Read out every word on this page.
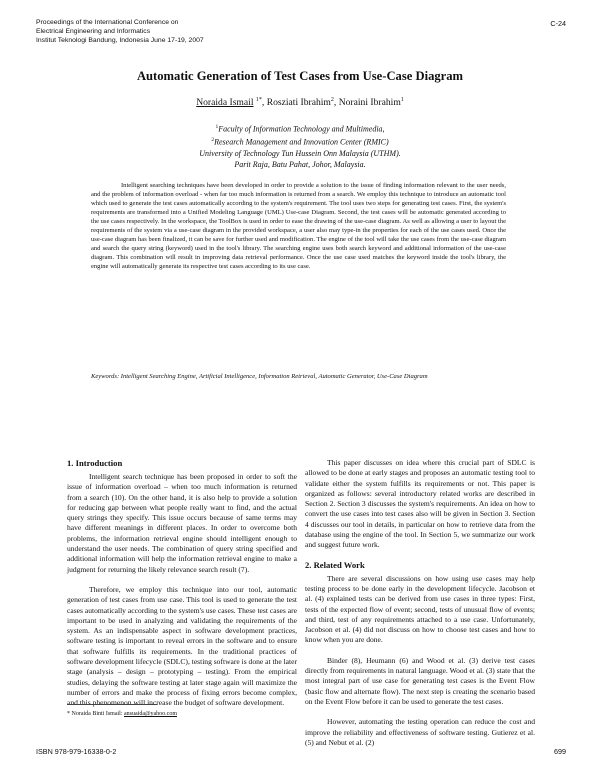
Proceedings of the International Conference on
Electrical Engineering and Informatics
Institut Teknologi Bandung, Indonesia June 17-19, 2007
C-24
Automatic Generation of Test Cases from Use-Case Diagram
Noraida Ismail $^{1*}$, Rosziati Ibrahim$^2$, Noraini Ibrahim$^1$
$^1$Faculty of Information Technology and Multimedia,
$^2$Research Management and Innovation Center (RMIC)
University of Technology Tun Hussein Onn Malaysia (UTHM).
Parit Raja, Batu Pahat, Johor, Malaysia.

Intelligent searching techniques have been developed in order to provide a solution to the issue of finding information relevant to the user needs, and the problem of information overload - when far too much information is returned from a search. We employ this technique to introduce an automatic tool which used to generate the test cases automatically according to the system's requirement. The tool uses two steps for generating test cases. First, the system's requirements are transformed into a Unified Modeling Language (UML) Use-case Diagram. Second, the test cases will be automatic generated according to the use cases respectively. In the workspace, the ToolBox is used in order to ease the drawing of the use-case diagram. As well as allowing a user to layout the requirements of the system via a use-case diagram in the provided workspace, a user also may type-in the properties for each of the use cases used. Once the use-case diagram has been finalized, it can be save for further used and modification. The engine of the tool will take the use cases from the use-case diagram and search the query string (keyword) used in the tool's library. The searching engine uses both search keyword and additional information of the use-case diagram. This combination will result in improving data retrieval performance. Once the use case used matches the keyword inside the tool's library, the engine will automatically generate its respective test cases according to its use case.

Keywords: Intelligent Searching Engine, Artificial Intelligence, Information Retrieval, Automatic Generator, Use-Case Diagram

1. Introduction

Intelligent search technique has been proposed in order to soft the issue of information overload – when too much information is returned from a search (10). On the other hand, it is also help to provide a solution for reducing gap between what people really want to find, and the actual query strings they specify. This issue occurs because of same terms may have different meanings in different places. In order to overcome both problems, the information retrieval engine should intelligent enough to understand the user needs. The combination of query string specified and additional information will help the information retrieval engine to make a judgment for returning the likely relevance search result (7).

Therefore, we employ this technique into our tool, automatic generation of test cases from use case. This tool is used to generate the test cases automatically according to the system's use cases. These test cases are important to be used in analyzing and validating the requirements of the system. As an indispensable aspect in software development practices, software testing is important to reveal errors in the software and to ensure that software fulfills its requirements. In the traditional practices of software development lifecycle (SDLC), testing software is done at the later stage (analysis – design – prototyping – testing). From the empirical studies, delaying the software testing at later stage again will maximize the number of errors and make the process of fixing errors become complex, and this phenomenon will increase the budget of software development.

This paper discusses on idea where this crucial part of SDLC is allowed to be done at early stages and proposes an automatic testing tool to validate either the system fulfills its requirements or not. This paper is organized as follows: several introductory related works are described in Section 2. Section 3 discusses the system's requirements. An idea on how to convert the use cases into test cases also will be given in Section 3. Section 4 discusses our tool in details, in particular on how to retrieve data from the database using the engine of the tool. In Section 5, we summarize our work and suggest future work.

2. Related Work

There are several discussions on how using use cases may help testing process to be done early in the development lifecycle. Jacobson et al. (4) explained tests can be derived from use cases in three types: First, tests of the expected flow of event; second, tests of unusual flow of events; and third, test of any requirements attached to a use case. Unfortunately, Jacobson et al. (4) did not discuss on how to choose test cases and how to know when you are done.

Binder (8), Heumann (6) and Wood et al. (3) derive test cases directly from requirements in natural language. Wood et al. (3) state that the most integral part of use case for generating test cases is the Event Flow (basic flow and alternate flow). The next step is creating the scenario based on the Event Flow before it can be used to generate the test cases.

However, automating the testing operation can reduce the cost and improve the reliability and effectiveness of software testing. Gutierez et al. (5) and Nebut et al. (2)

* Noraida Binti Ismail: ansuaida@yahoo.com
ISBN 978-979-16338-0-2	699
